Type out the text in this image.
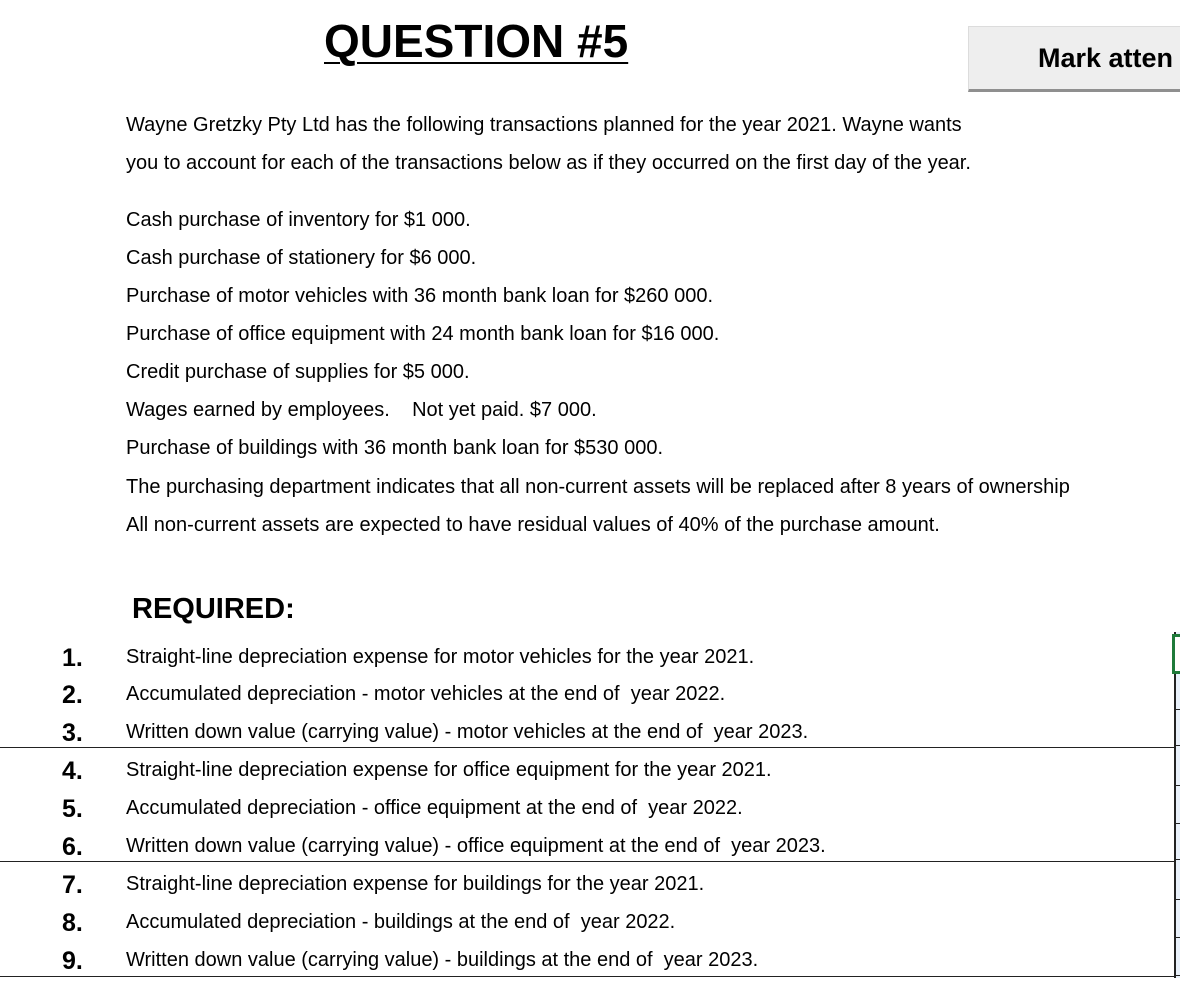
QUESTION #5	Mark atten
Wayne Gretzky Pty Ltd has the following transactions planned for the year 2021. Wayne wants
you to account for each of the transactions below as if they occurred on the first day of the year.
Cash purchase of inventory for $1 000.
Cash purchase of stationery for $6 000.
Purchase of motor vehicles with 36 month bank loan for $260 000.
Purchase of office equipment with 24 month bank loan for $16 000.
Credit purchase of supplies for $5 000.
Wages earned by employees.    Not yet paid. $7 000.
Purchase of buildings with 36 month bank loan for $530 000.
The purchasing department indicates that all non-current assets will be replaced after 8 years of ownership
All non-current assets are expected to have residual values of 40% of the purchase amount.
REQUIRED:
1. Straight-line depreciation expense for motor vehicles for the year 2021.
2. Accumulated depreciation - motor vehicles at the end of  year 2022.
3. Written down value (carrying value) - motor vehicles at the end of  year 2023.
4. Straight-line depreciation expense for office equipment for the year 2021.
5. Accumulated depreciation - office equipment at the end of  year 2022.
6. Written down value (carrying value) - office equipment at the end of  year 2023.
7. Straight-line depreciation expense for buildings for the year 2021.
8. Accumulated depreciation - buildings at the end of  year 2022.
9. Written down value (carrying value) - buildings at the end of  year 2023.
